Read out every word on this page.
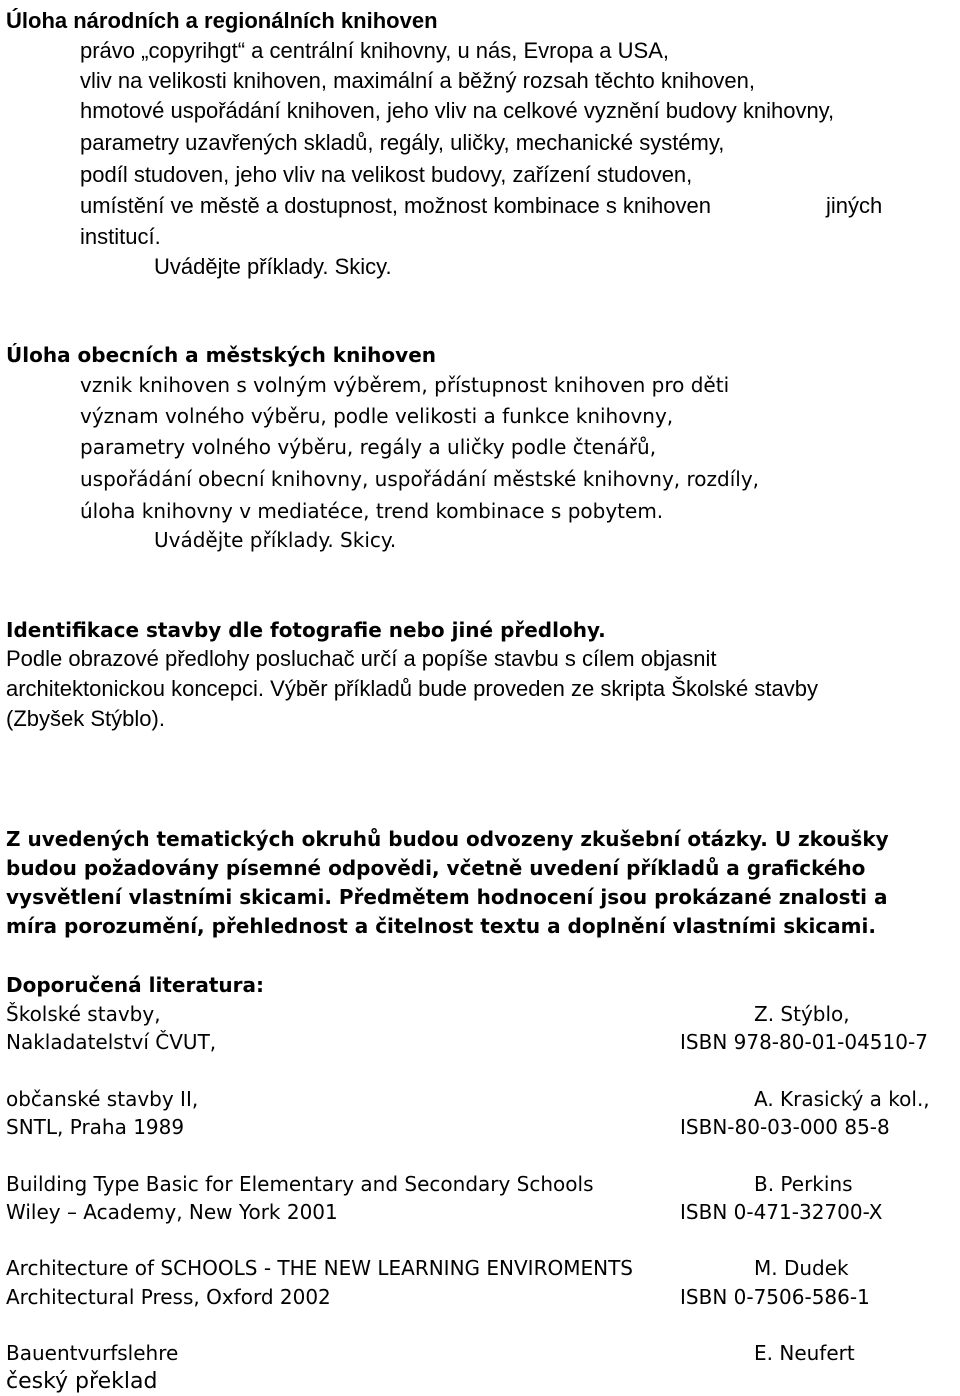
Úloha národních a regionálních knihoven
právo „copyrihgt“ a centrální knihovny, u nás, Evropa a USA,
vliv na velikosti knihoven, maximální a běžný rozsah těchto knihoven,
hmotové uspořádání knihoven, jeho vliv na celkové vyznění budovy knihovny,
parametry uzavřených skladů, regály, uličky, mechanické systémy,
podíl studoven, jeho vliv na velikost budovy, zařízení studoven,
umístění ve městě a dostupnost, možnost kombinace s knihoven	jiných
institucí.
Uvádějte příklady. Skicy.
Úloha obecních a městských knihoven
vznik knihoven s volným výběrem, přístupnost knihoven pro děti
význam volného výběru, podle velikosti a funkce knihovny,
parametry volného výběru, regály a uličky podle čtenářů,
uspořádání obecní knihovny, uspořádání městské knihovny, rozdíly,
úloha knihovny v mediatéce, trend kombinace s pobytem.
Uvádějte příklady. Skicy.
Identifikace stavby dle fotografie nebo jiné předlohy.
Podle obrazové předlohy posluchač určí a popíše stavbu s cílem objasnit
architektonickou koncepci. Výběr příkladů bude proveden ze skripta Školské stavby
(Zbyšek Stýblo).
Z uvedených tematických okruhů budou odvozeny zkušební otázky. U zkoušky
budou požadovány písemné odpovědi, včetně uvedení příkladů a grafického
vysvětlení vlastními skicami. Předmětem hodnocení jsou prokázané znalosti a
míra porozumění, přehlednost a čitelnost textu a doplnění vlastními skicami.
Doporučená literatura:
Školské stavby,	Z. Stýblo,
Nakladatelství ČVUT,	ISBN 978-80-01-04510-7
občanské stavby II,	A. Krasický a kol.,
SNTL, Praha 1989	ISBN-80-03-000 85-8
Building Type Basic for Elementary and Secondary Schools	B. Perkins
Wiley – Academy, New York 2001	ISBN 0-471-32700-X
Architecture of SCHOOLS - THE NEW LEARNING ENVIROMENTS	M. Dudek
Architectural Press, Oxford 2002	ISBN 0-7506-586-1
Bauentvurfslehre	E. Neufert
český překlad
